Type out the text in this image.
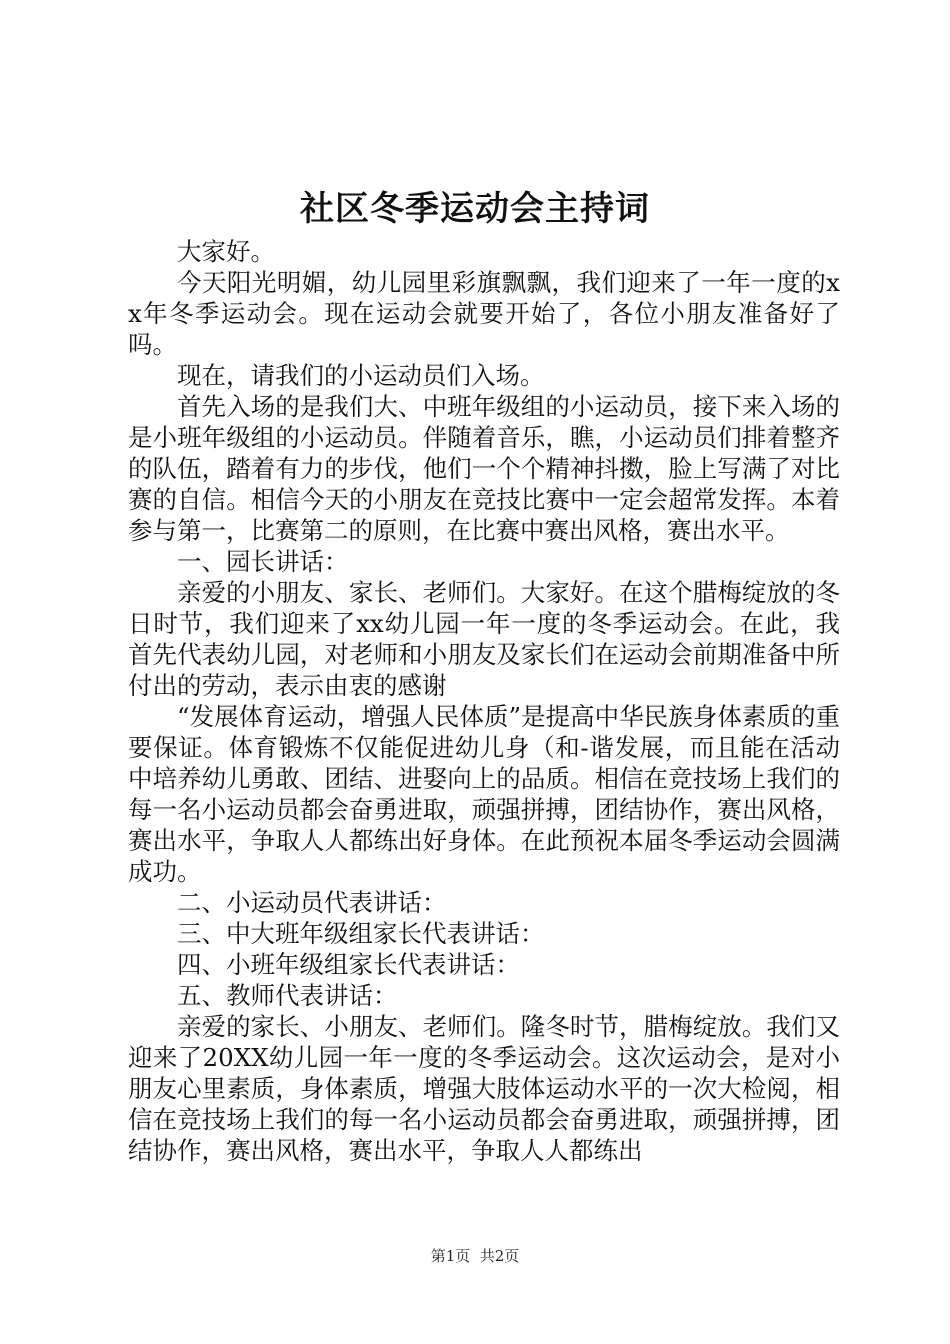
社区冬季运动会主持词

大家好。

今天阳光明媚，幼儿园里彩旗飘飘，我们迎来了一年一度的xx年冬季运动会。现在运动会就要开始了，各位小朋友准备好了吗。

现在，请我们的小运动员们入场。

首先入场的是我们大、中班年级组的小运动员，接下来入场的是小班年级组的小运动员。伴随着音乐，瞧，小运动员们排着整齐的队伍，踏着有力的步伐，他们一个个精神抖擞，脸上写满了对比赛的自信。相信今天的小朋友在竞技比赛中一定会超常发挥。本着参与第一，比赛第二的原则，在比赛中赛出风格，赛出水平。

一、园长讲话：

亲爱的小朋友、家长、老师们。大家好。在这个腊梅绽放的冬日时节，我们迎来了xx幼儿园一年一度的冬季运动会。在此，我首先代表幼儿园，对老师和小朋友及家长们在运动会前期准备中所付出的劳动，表示由衷的感谢

“发展体育运动，增强人民体质”是提高中华民族身体素质的重要保证。体育锻炼不仅能促进幼儿身（和-谐发展，而且能在活动中培养幼儿勇敢、团结、进娶向上的品质。相信在竞技场上我们的每一名小运动员都会奋勇进取，顽强拼搏，团结协作，赛出风格，赛出水平，争取人人都练出好身体。在此预祝本届冬季运动会圆满成功。

二、小运动员代表讲话：

三、中大班年级组家长代表讲话：

四、小班年级组家长代表讲话：

五、教师代表讲话：

亲爱的家长、小朋友、老师们。隆冬时节，腊梅绽放。我们又迎来了20XX幼儿园一年一度的冬季运动会。这次运动会，是对小朋友心里素质，身体素质，增强大肢体运动水平的一次大检阅，相信在竞技场上我们的每一名小运动员都会奋勇进取，顽强拼搏，团结协作，赛出风格，赛出水平，争取人人都练出

第1页  共2页
